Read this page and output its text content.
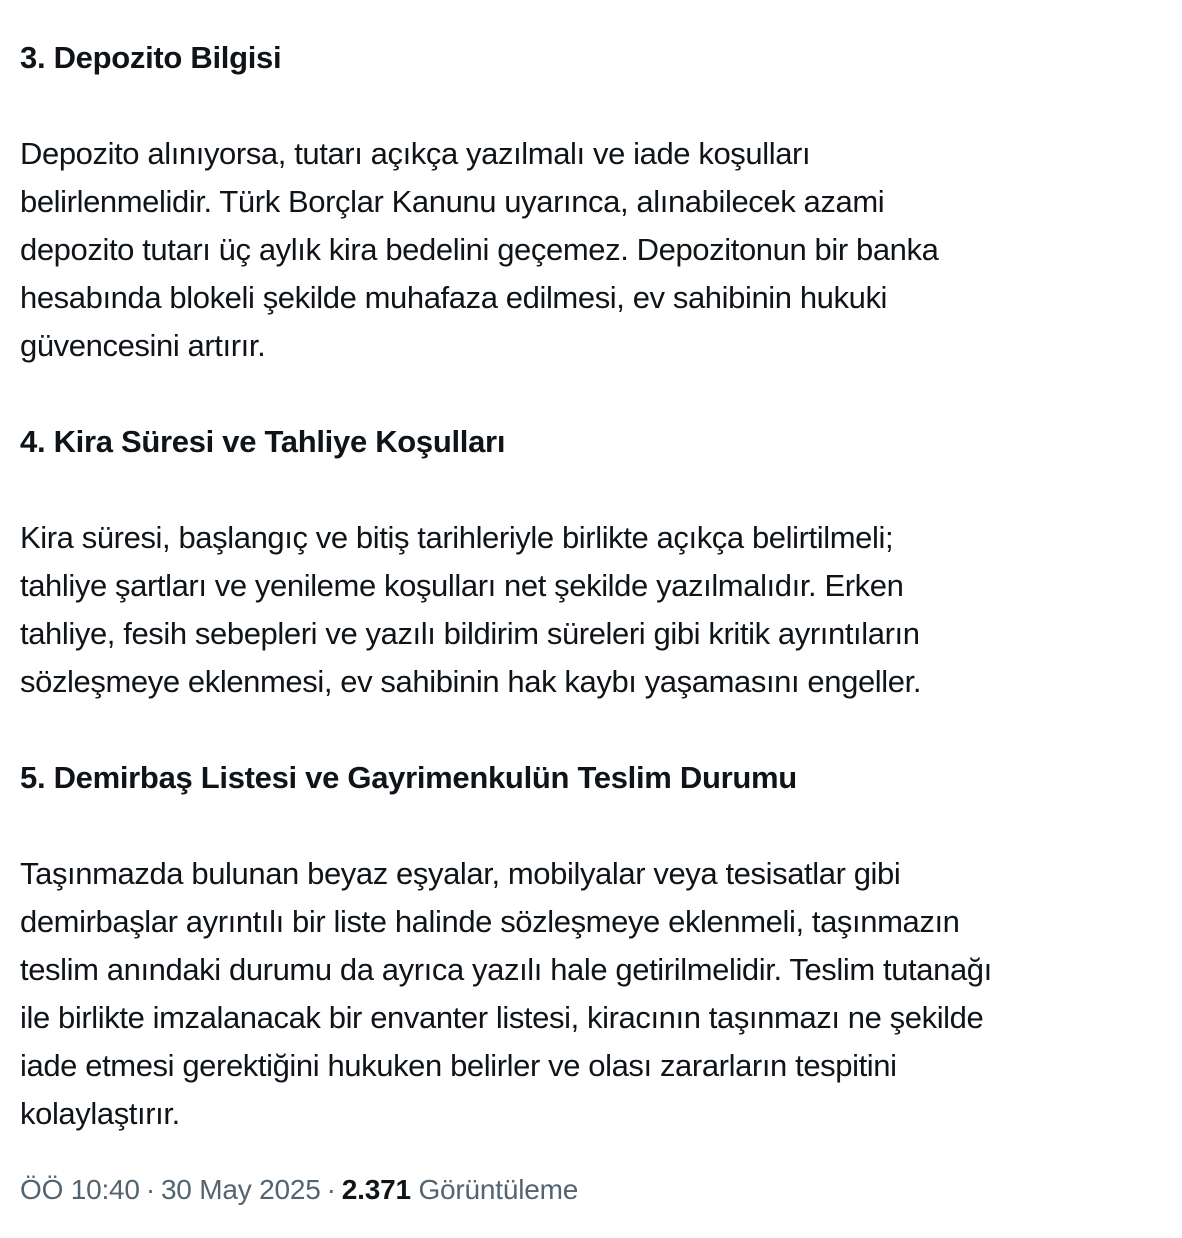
3. Depozito Bilgisi

Depozito alınıyorsa, tutarı açıkça yazılmalı ve iade koşulları
belirlenmelidir. Türk Borçlar Kanunu uyarınca, alınabilecek azami
depozito tutarı üç aylık kira bedelini geçemez. Depozitonun bir banka
hesabında blokeli şekilde muhafaza edilmesi, ev sahibinin hukuki
güvencesini artırır.

4. Kira Süresi ve Tahliye Koşulları

Kira süresi, başlangıç ve bitiş tarihleriyle birlikte açıkça belirtilmeli;
tahliye şartları ve yenileme koşulları net şekilde yazılmalıdır. Erken
tahliye, fesih sebepleri ve yazılı bildirim süreleri gibi kritik ayrıntıların
sözleşmeye eklenmesi, ev sahibinin hak kaybı yaşamasını engeller.

5. Demirbaş Listesi ve Gayrimenkulün Teslim Durumu

Taşınmazda bulunan beyaz eşyalar, mobilyalar veya tesisatlar gibi
demirbaşlar ayrıntılı bir liste halinde sözleşmeye eklenmeli, taşınmazın
teslim anındaki durumu da ayrıca yazılı hale getirilmelidir. Teslim tutanağı
ile birlikte imzalanacak bir envanter listesi, kiracının taşınmazı ne şekilde
iade etmesi gerektiğini hukuken belirler ve olası zararların tespitini
kolaylaştırır.

ÖÖ 10:40 · 30 May 2025 · 2.371 Görüntüleme
